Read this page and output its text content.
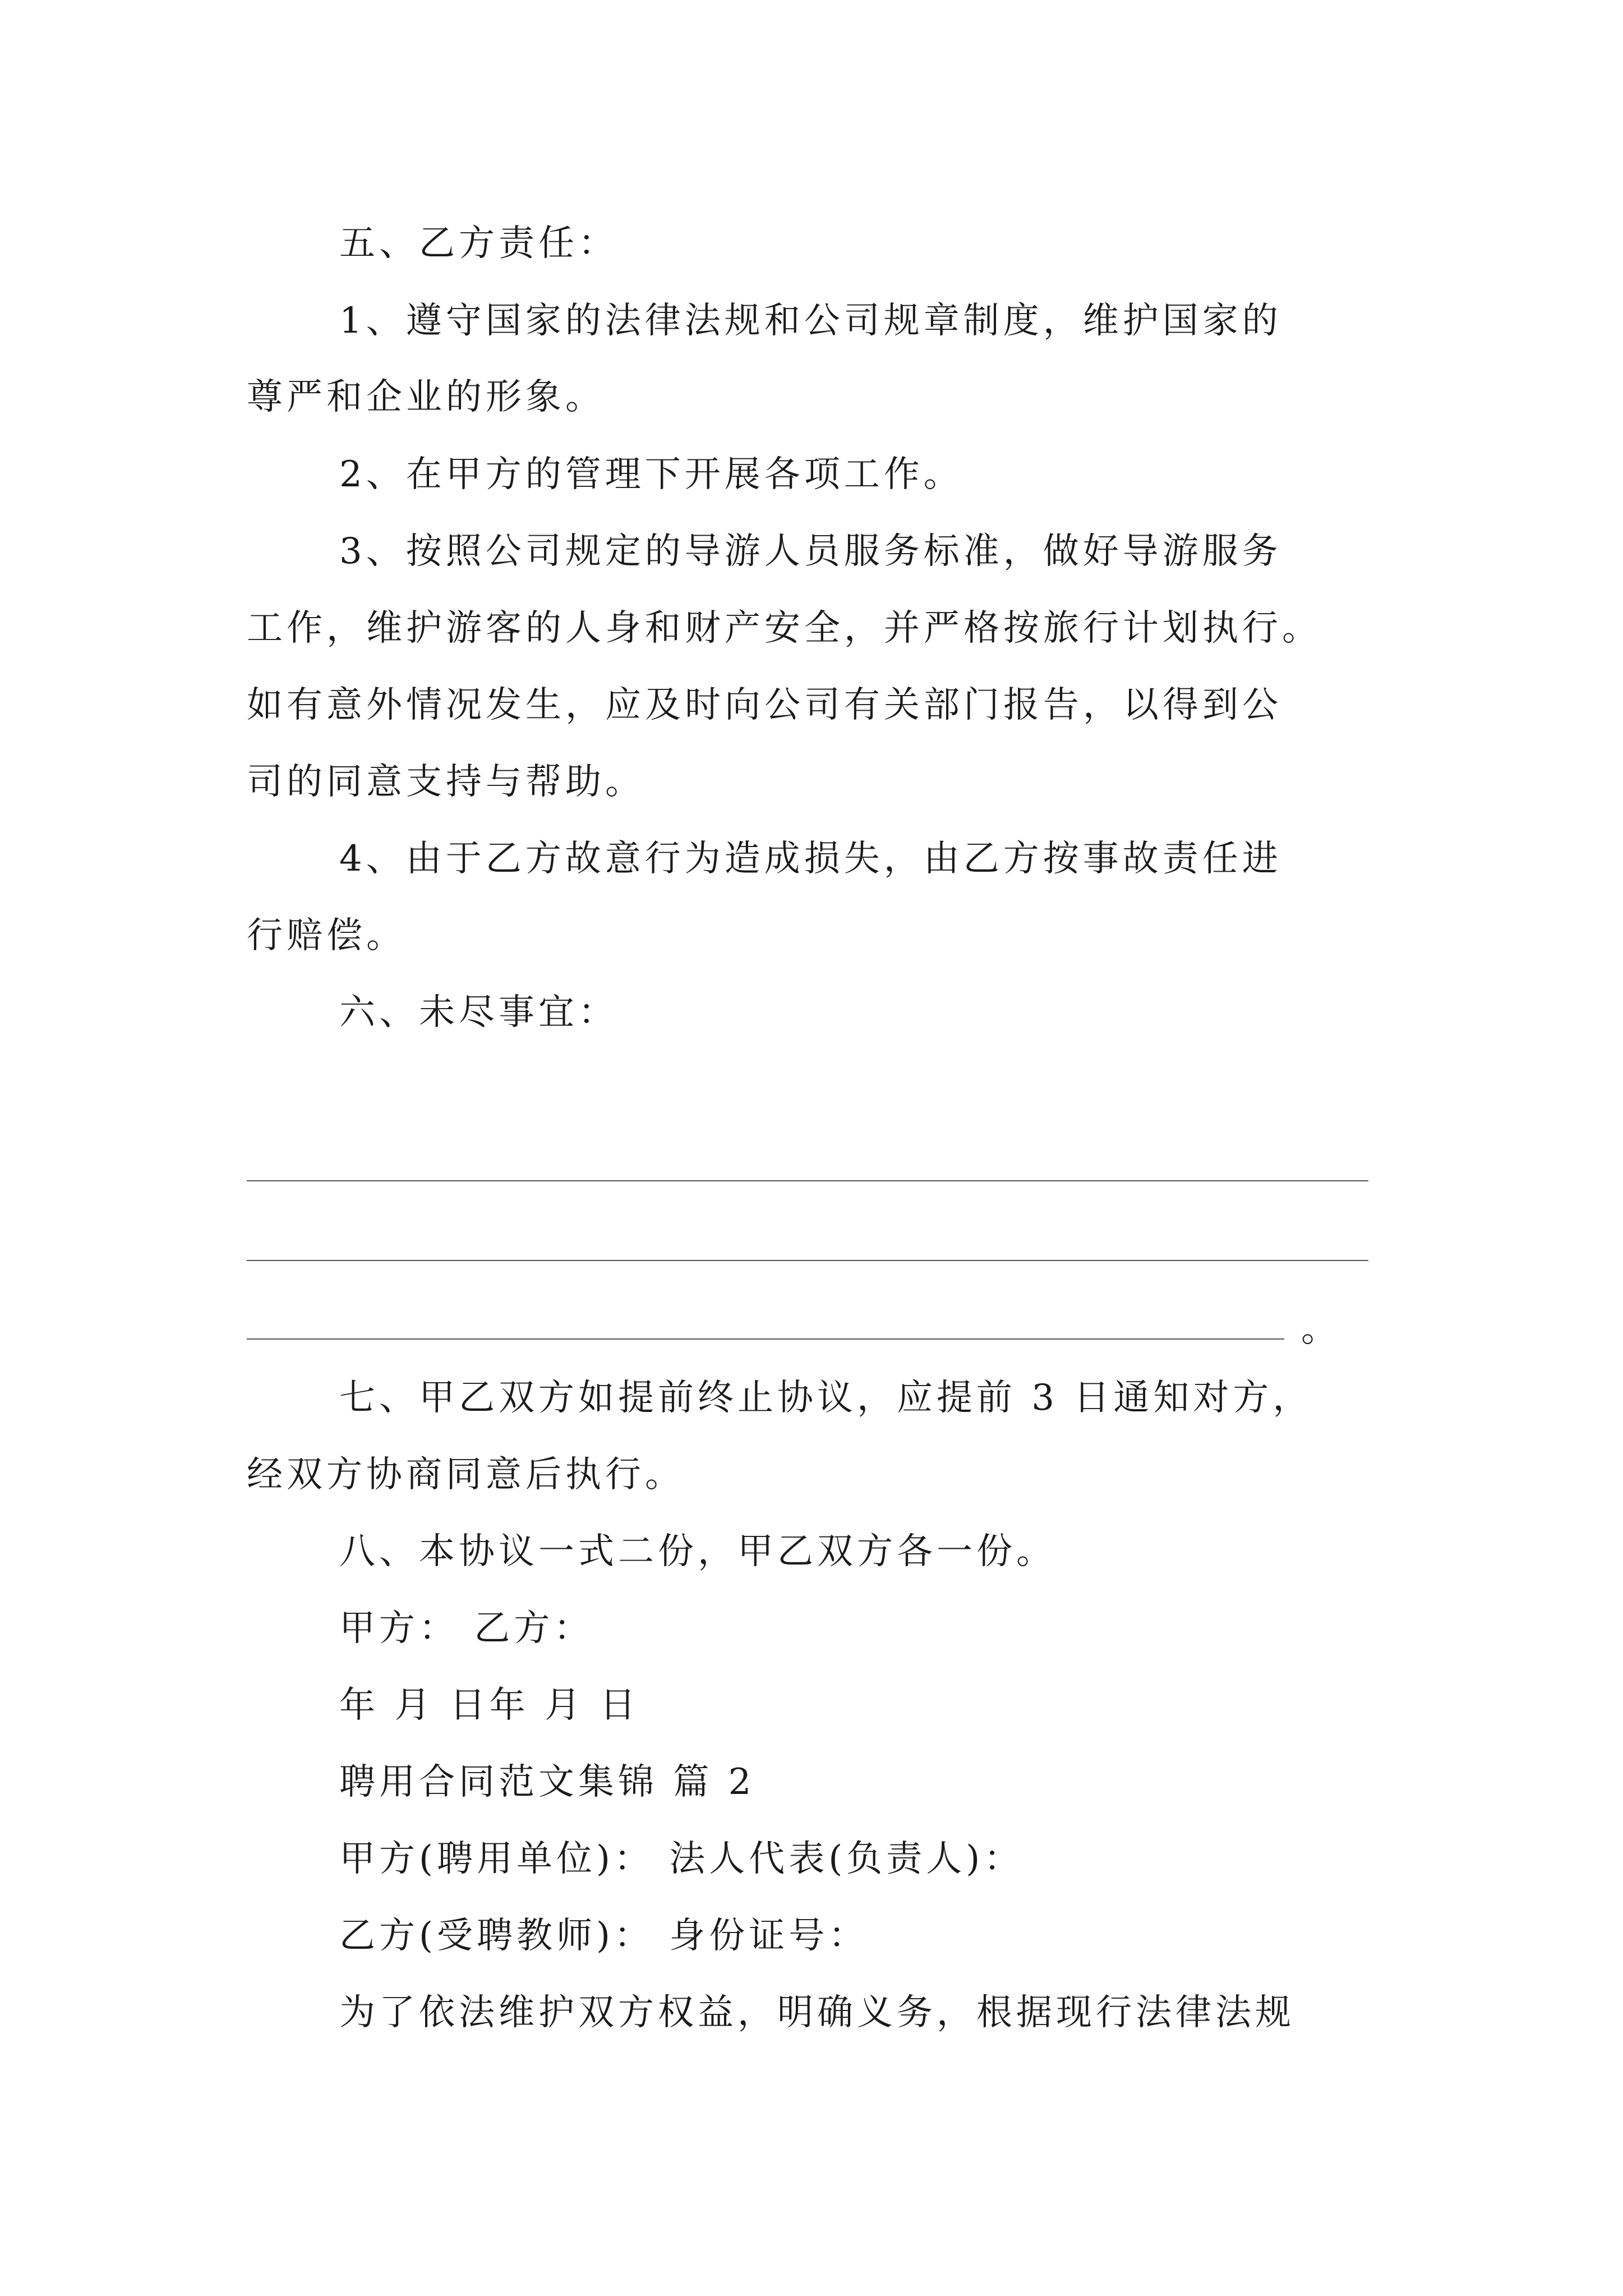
五、乙方责任：
1、遵守国家的法律法规和公司规章制度，维护国家的
尊严和企业的形象。
2、在甲方的管理下开展各项工作。
3、按照公司规定的导游人员服务标准，做好导游服务
工作，维护游客的人身和财产安全，并严格按旅行计划执行。
如有意外情况发生，应及时向公司有关部门报告，以得到公
司的同意支持与帮助。
4、由于乙方故意行为造成损失，由乙方按事故责任进
行赔偿。
六、未尽事宜：
。
七、甲乙双方如提前终止协议，应提前 3 日通知对方，
经双方协商同意后执行。
八、本协议一式二份，甲乙双方各一份。
甲方： 乙方：
年 月 日年 月 日
聘用合同范文集锦 篇 2
甲方(聘用单位)： 法人代表(负责人)：
乙方(受聘教师)： 身份证号：
为了依法维护双方权益，明确义务，根据现行法律法规
